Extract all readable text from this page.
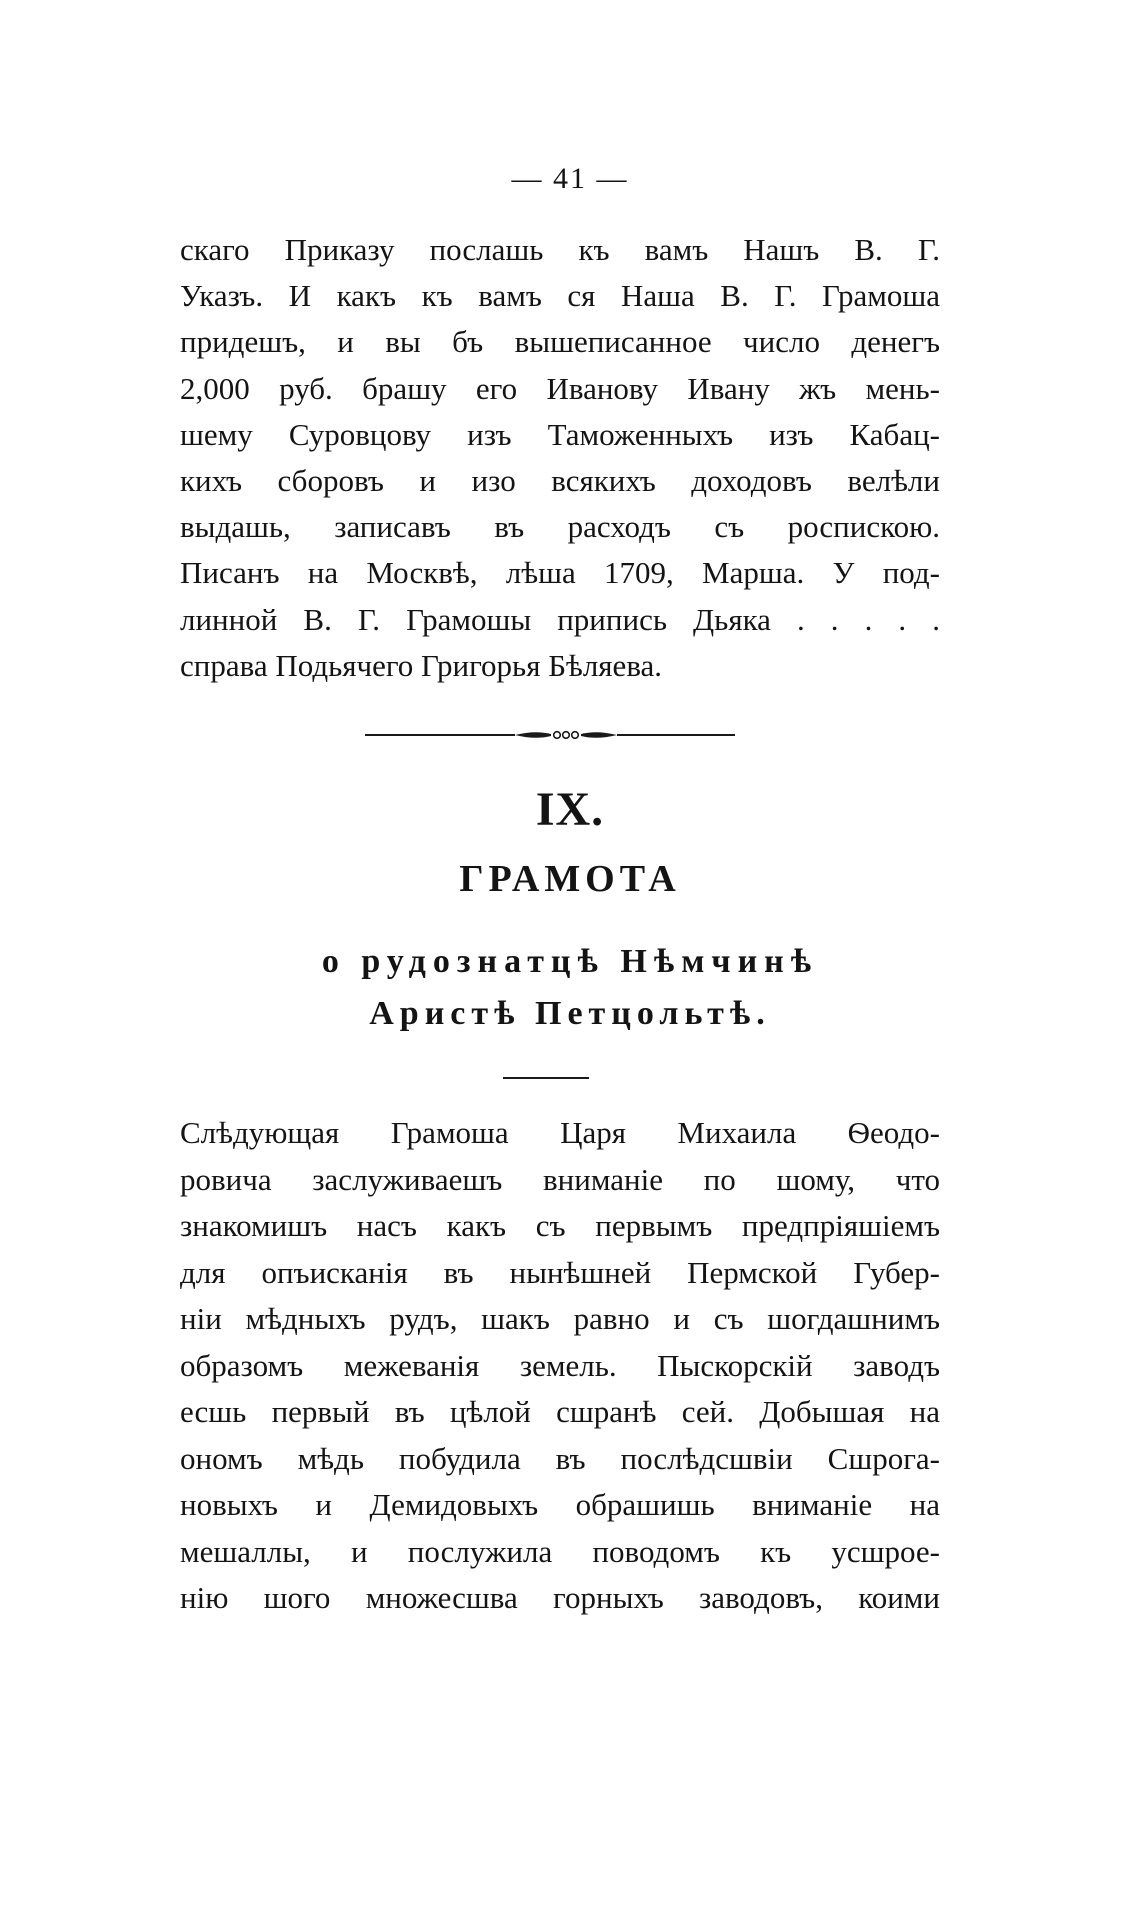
— 41 —
скаго Приказу послашь къ вамъ Нашъ В. Г.
Указъ. И какъ къ вамъ ся Наша В. Г. Грамоша
придешъ, и вы бъ вышеписанное число денегъ
2,000 руб. брашу его Иванову Ивану жъ мень-
шему Суровцову изъ Таможенныхъ изъ Кабац-
кихъ сборовъ и изо всякихъ доходовъ велѣли
выдашь, записавъ въ расходъ съ роспискою.
Писанъ на Москвѣ, лѣша 1709, Марша. У под-
линной В. Г. Грамошы припись Дьяка . . . . .
справа Подьячего Григорья Бѣляева.
IX.
ГРАМОТА
о рудознатцѣ Нѣмчинѣ
Аристѣ Петцольтѣ.
Слѣдующая Грамоша Царя Михаила Ѳеодо-
ровича заслуживаешъ вниманіе по шому, что
знакомишъ насъ какъ съ первымъ предпріяшіемъ
для опъисканія въ нынѣшней Пермской Губер-
ніи мѣдныхъ рудъ, шакъ равно и съ шогдашнимъ
образомъ межеванія земель. Пыскорскій заводъ
есшь первый въ цѣлой сшранѣ сей. Добышая на
ономъ мѣдь побудила въ послѣдсшвіи Сшрога-
новыхъ и Демидовыхъ обрашишь вниманіе на
мешаллы, и послужила поводомъ къ усшрое-
нію шого множесшва горныхъ заводовъ, коими
